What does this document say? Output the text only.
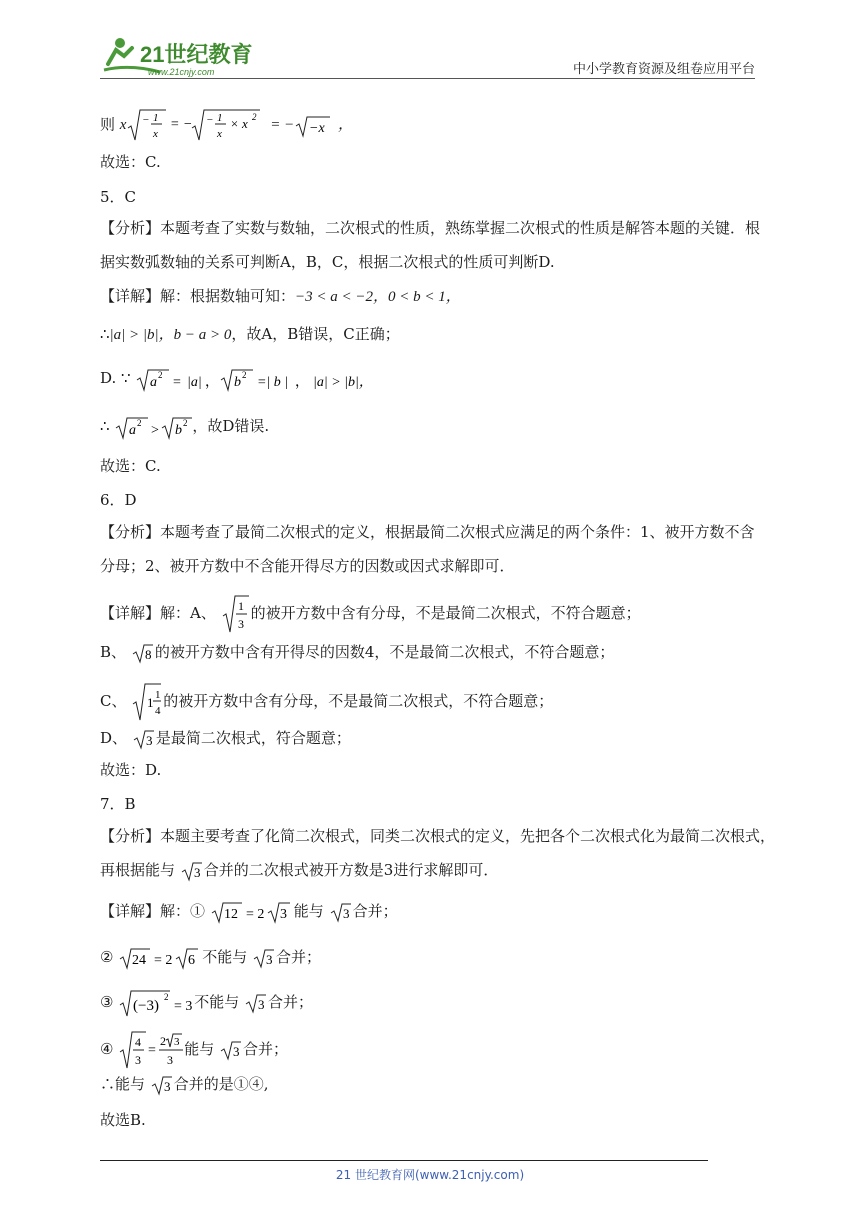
21世纪教育
www.21cnjy.com	中小学教育资源及组卷应用平台
则 x − 1
x
= − − 1
x
× x 2
= − −x ，
故选：C.
5．C
【分析】本题考查了实数与数轴，二次根式的性质，熟练掌握二次根式的性质是解答本题的关键．根
据实数弧数轴的关系可判断A，B，C，根据二次根式的性质可判断D.
【详解】解：根据数轴可知：−3 < a < −2，0 < b < 1，
∴|a| > |b|，b − a > 0，故A，B错误，C正确；
D. ∵ a 2 = |a| ， b 2 =| b | ， |a| > |b|，
∴ a 2 > b 2 ，故D错误.
故选：C.
6．D
【分析】本题考查了最简二次根式的定义，根据最简二次根式应满足的两个条件：1、被开方数不含
分母；2、被开方数中不含能开得尽方的因数或因式求解即可．
【详解】解：A、 1
3
的被开方数中含有分母，不是最简二次根式，不符合题意；
B、 8 的被开方数中含有开得尽的因数4，不是最简二次根式，不符合题意；
C、 1 1
4
的被开方数中含有分母，不是最简二次根式，不符合题意；
D、 3 是最简二次根式，符合题意；
故选：D.
7．B
【分析】本题主要考查了化简二次根式，同类二次根式的定义，先把各个二次根式化为最简二次根式，
再根据能与 3 合并的二次根式被开方数是3进行求解即可．
【详解】解：① 12 = 2 3 能与 3 合并；
② 24 = 2 6 不能与 3 合并；
③ (−3)
2
= 3 不能与 3 合并；
④ 4
3
=
2 3
3
能与 3 合并；
∴能与 3 合并的是①④,
故选B.
21 世纪教育网(www.21cnjy.com)
